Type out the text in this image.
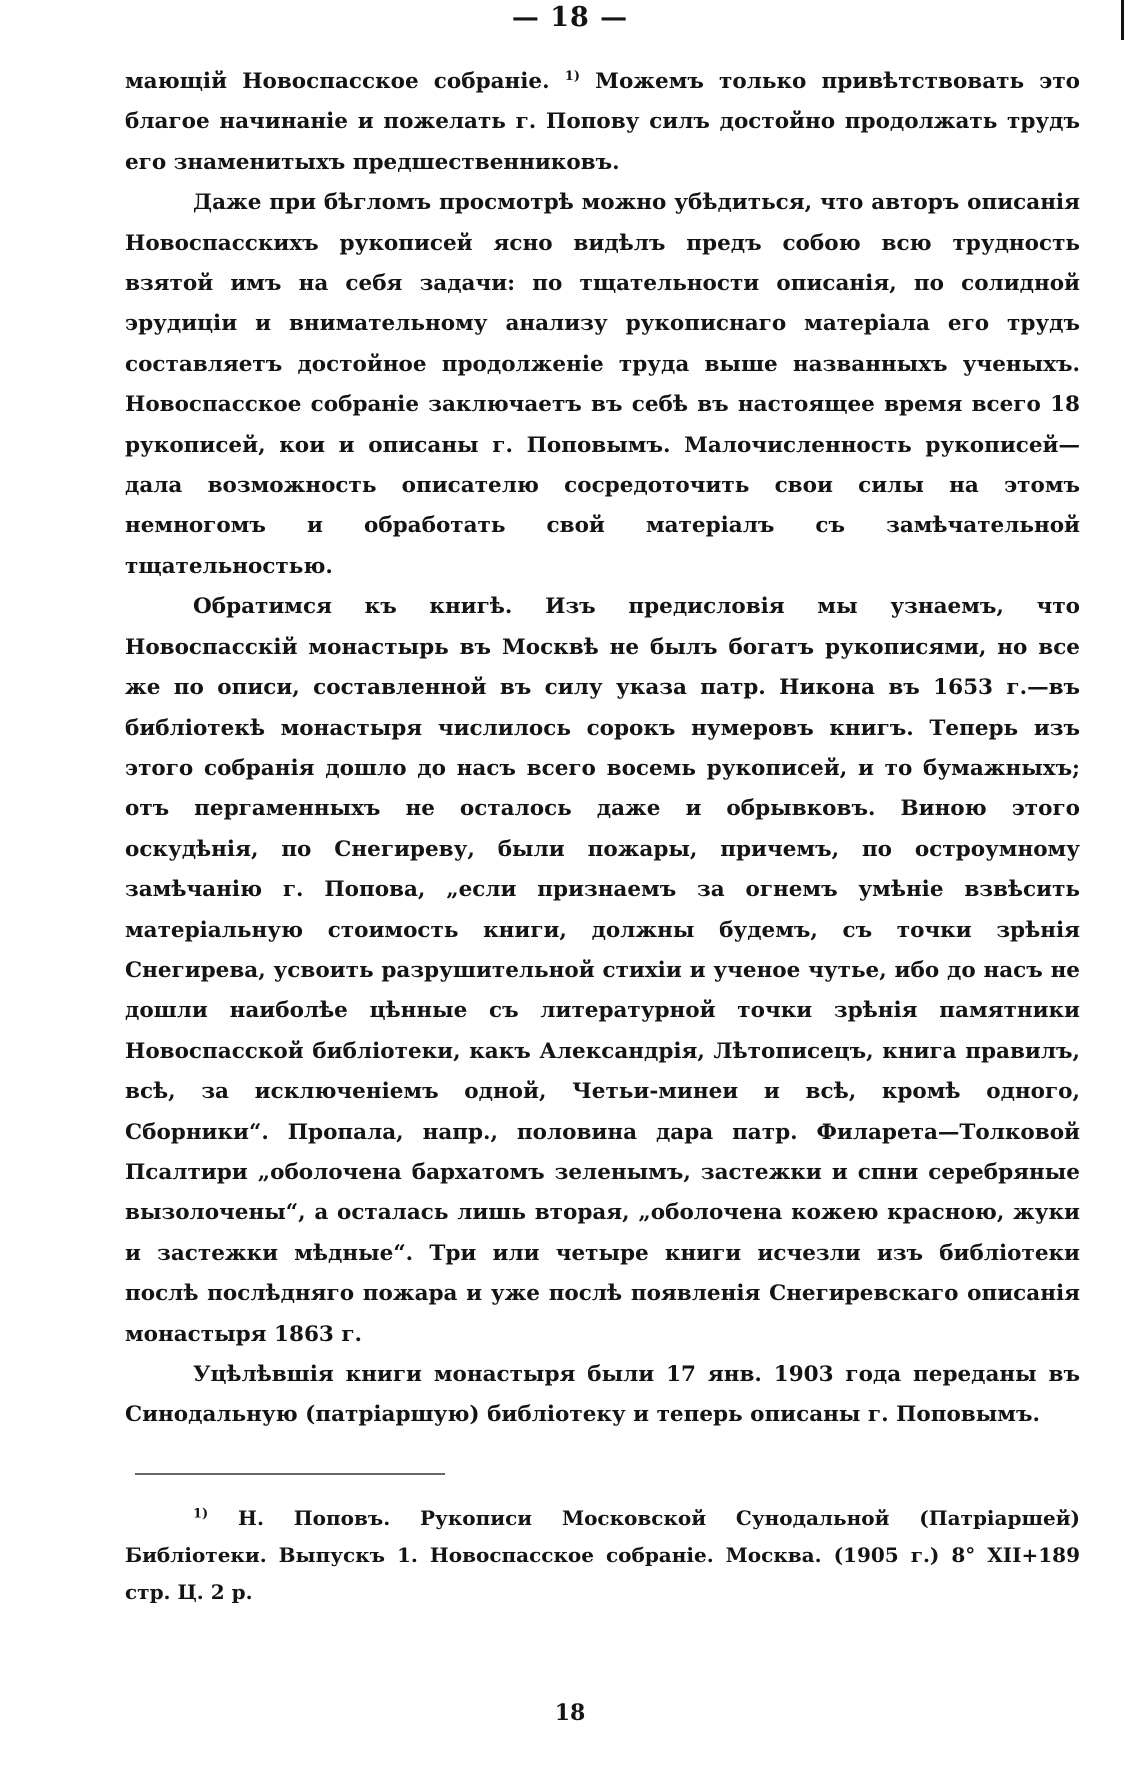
— 18 —

мающій Новоспасское собраніе. $^{1)}$ Можемъ только привѣтствовать это благое начинаніе и пожелать г. Попову силъ достойно продолжать трудъ его знаменитыхъ предшественниковъ.

Даже при бѣгломъ просмотрѣ можно убѣдиться, что авторъ описанія Новоспасскихъ рукописей ясно видѣлъ предъ собою всю трудность взятой имъ на себя задачи: по тщательности описанія, по солидной эрудиціи и внимательному анализу рукописнаго матеріала его трудъ составляетъ достойное продолженіе труда выше названныхъ ученыхъ. Новоспасское собраніе заключаетъ въ себѣ въ настоящее время всего 18 рукописей, кои и описаны г. Поповымъ. Малочисленность рукописей—дала возможность описателю сосредоточить свои силы на этомъ немногомъ и обработать свой матеріалъ съ замѣчательной тщательностью.

Обратимся къ книгѣ. Изъ предисловія мы узнаемъ, что Новоспасскій монастырь въ Москвѣ не былъ богатъ рукописями, но все же по описи, составленной въ силу указа патр. Никона въ 1653 г.—въ библіотекѣ монастыря числилось сорокъ нумеровъ книгъ. Теперь изъ этого собранія дошло до насъ всего восемь рукописей, и то бумажныхъ; отъ пергаменныхъ не осталось даже и обрывковъ. Виною этого оскудѣнія, по Снегиреву, были пожары, причемъ, по остроумному замѣчанію г. Попова, „если признаемъ за огнемъ умѣніе взвѣсить матеріальную стоимость книги, должны будемъ, съ точки зрѣнія Снегирева, усвоить разрушительной стихіи и ученое чутье, ибо до насъ не дошли наиболѣе цѣнные съ литературной точки зрѣнія памятники Новоспасской библіотеки, какъ Александрія, Лѣтописецъ, книга правилъ, всѣ, за исключеніемъ одной, Четьи-минеи и всѣ, кромѣ одного, Сборники“. Пропала, напр., половина дара патр. Филарета—Толковой Псалтири „оболочена бархатомъ зеленымъ, застежки и спни серебряные вызолочены“, а осталась лишь вторая, „оболочена кожею красною, жуки и застежки мѣдные“. Три или четыре книги исчезли изъ библіотеки послѣ послѣдняго пожара и уже послѣ появленія Снегиревскаго описанія монастыря 1863 г.

Уцѣлѣвшія книги монастыря были 17 янв. 1903 года переданы въ Синодальную (патріаршую) библіотеку и теперь описаны г. Поповымъ.

$^{1)}$ Н. Поповъ. Рукописи Московской Сунодальной (Патріаршей) Библіотеки. Выпускъ 1. Новоспасское собраніе. Москва. (1905 г.) 8° XII+189 стр. Ц. 2 р.
18
